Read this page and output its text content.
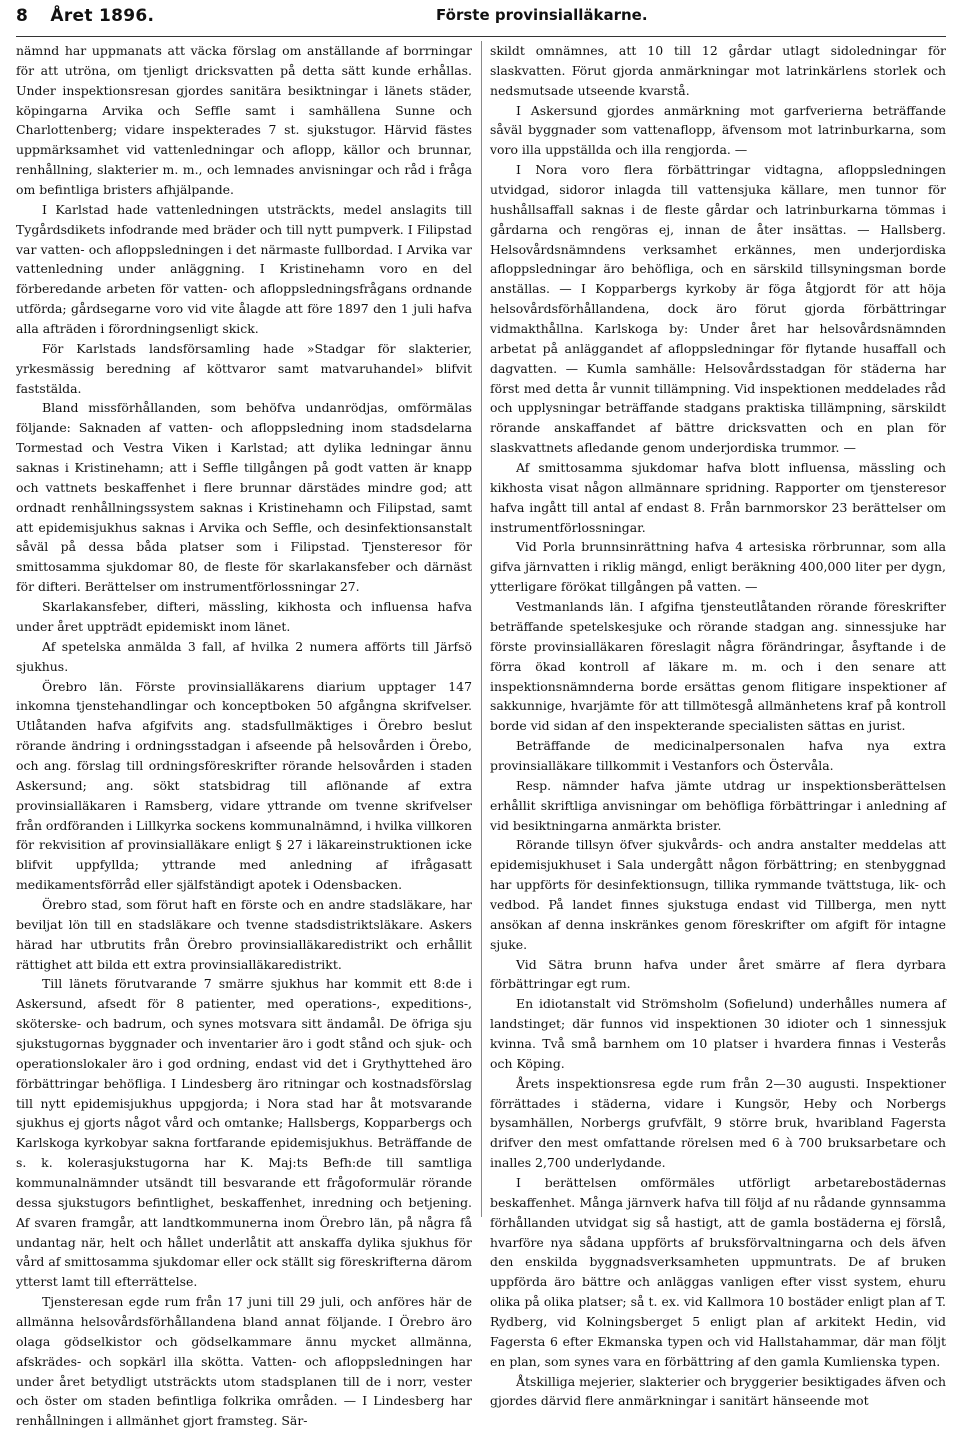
8 Året 1896.	Förste provinsialläkarne.

nämnd har uppmanats att väcka förslag om anställande af borrningar för att utröna, om tjenligt dricksvatten på detta sätt kunde erhållas. Under inspektionsresan gjordes sanitära besiktningar i länets städer, köpingarna Arvika och Seffle samt i samhällena Sunne och Charlottenberg; vidare inspekterades 7 st. sjukstugor. Härvid fästes uppmärksamhet vid vattenledningar och aflopp, källor och brunnar, renhållning, slakterier m. m., och lemnades anvisningar och råd i fråga om befintliga bristers afhjälpande.

I Karlstad hade vattenledningen utsträckts, medel anslagits till Tygårdsdikets infodrande med bräder och till nytt pumpverk. I Filipstad var vatten- och afloppsledningen i det närmaste fullbordad. I Arvika var vattenledning under anläggning. I Kristinehamn voro en del förberedande arbeten för vatten- och afloppsledningsfrågans ordnande utförda; gårdsegarne voro vid vite ålagde att före 1897 den 1 juli hafva alla afträden i förordningsenligt skick.

För Karlstads landsförsamling hade »Stadgar för slakterier, yrkesmässig beredning af köttvaror samt matvaruhandel» blifvit faststälda.

Bland missförhållanden, som behöfva undanrödjas, omförmälas följande: Saknaden af vatten- och afloppsledning inom stadsdelarna Tormestad och Vestra Viken i Karlstad; att dylika ledningar ännu saknas i Kristinehamn; att i Seffle tillgången på godt vatten är knapp och vattnets beskaffenhet i flere brunnar därstädes mindre god; att ordnadt renhållningssystem saknas i Kristinehamn och Filipstad, samt att epidemisjukhus saknas i Arvika och Seffle, och desinfektionsanstalt såväl på dessa båda platser som i Filipstad. Tjensteresor för smittosamma sjukdomar 80, de fleste för skarlakansfeber och därnäst för difteri. Berättelser om instrumentförlossningar 27.

Skarlakansfeber, difteri, mässling, kikhosta och influensa hafva under året uppträdt epidemiskt inom länet.

Af spetelska anmälda 3 fall, af hvilka 2 numera afförts till Järfsö sjukhus.

Örebro län. Förste provinsialläkarens diarium upptager 147 inkomna tjenstehandlingar och konceptboken 50 afgångna skrifvelser. Utlåtanden hafva afgifvits ang. stadsfullmäktiges i Örebro beslut rörande ändring i ordningsstadgan i afseende på helsovården i Örebo, och ang. förslag till ordningsföreskrifter rörande helsovården i staden Askersund; ang. sökt statsbidrag till aflönande af extra provinsialläkaren i Ramsberg, vidare yttrande om tvenne skrifvelser från ordföranden i Lillkyrka sockens kommunalnämnd, i hvilka villkoren för rekvisition af provinsialläkare enligt § 27 i läkareinstruktionen icke blifvit uppfyllda; yttrande med anledning af ifrågasatt medikamentsförråd eller själfständigt apotek i Odensbacken.

Örebro stad, som förut haft en förste och en andre stadsläkare, har beviljat lön till en stadsläkare och tvenne stadsdistriktsläkare. Askers härad har utbrutits från Örebro provinsialläkaredistrikt och erhållit rättighet att bilda ett extra provinsialläkaredistrikt.

Till länets förutvarande 7 smärre sjukhus har kommit ett 8:de i Askersund, afsedt för 8 patienter, med operations-, expeditions-, sköterske- och badrum, och synes motsvara sitt ändamål. De öfriga sju sjukstugornas byggnader och inventarier äro i godt stånd och sjuk- och operationslokaler äro i god ordning, endast vid det i Grythyttehed äro förbättringar behöfliga. I Lindesberg äro ritningar och kostnadsförslag till nytt epidemisjukhus uppgjorda; i Nora stad har åt motsvarande sjukhus ej gjorts något vård och omtanke; Hallsbergs, Kopparbergs och Karlskoga kyrkobyar sakna fortfarande epidemisjukhus. Beträffande de s. k. kolerasjukstugorna har K. Maj:ts Befh:de till samtliga kommunalnämnder utsändt till besvarande ett frågoformulär rörande dessa sjukstugors befintlighet, beskaffenhet, inredning och betjening. Af svaren framgår, att landtkommunerna inom Örebro län, på några få undantag när, helt och hållet underlåtit att anskaffa dylika sjukhus för vård af smittosamma sjukdomar eller ock ställt sig föreskrifterna därom ytterst lamt till efterrättelse.

Tjensteresan egde rum från 17 juni till 29 juli, och anföres här de allmänna helsovårdsförhållandena bland annat följande. I Örebro äro olaga gödselkistor och gödselkammare ännu mycket allmänna, afskrädes- och sopkärl illa skötta. Vatten- och afloppsledningen har under året betydligt utsträckts utom stadsplanen till de i norr, vester och öster om staden befintliga folkrika områden. — I Lindesberg har renhållningen i allmänhet gjort framsteg. Sär-

skildt omnämnes, att 10 till 12 gårdar utlagt sidoledningar för slaskvatten. Förut gjorda anmärkningar mot latrinkärlens storlek och nedsmutsade utseende kvarstå.

I Askersund gjordes anmärkning mot garfverierna beträffande såväl byggnader som vattenaflopp, äfvensom mot latrinburkarna, som voro illa uppställda och illa rengjorda. —

I Nora voro flera förbättringar vidtagna, afloppsledningen utvidgad, sidoror inlagda till vattensjuka källare, men tunnor för hushållsaffall saknas i de fleste gårdar och latrinburkarna tömmas i gårdarna och rengöras ej, innan de åter insättas. — Hallsberg. Helsovårdsnämndens verksamhet erkännes, men underjordiska afloppsledningar äro behöfliga, och en särskild tillsyningsman borde anställas. — I Kopparbergs kyrkoby är föga åtgjordt för att höja helsovårdsförhållandena, dock äro förut gjorda förbättringar vidmakthållna. Karlskoga by: Under året har helsovårdsnämnden arbetat på anläggandet af afloppsledningar för flytande husaffall och dagvatten. — Kumla samhälle: Helsovårdsstadgan för städerna har först med detta år vunnit tillämpning. Vid inspektionen meddelades råd och upplysningar beträffande stadgans praktiska tillämpning, särskildt rörande anskaffandet af bättre dricksvatten och en plan för slaskvattnets afledande genom underjordiska trummor. —

Af smittosamma sjukdomar hafva blott influensa, mässling och kikhosta visat någon allmännare spridning. Rapporter om tjensteresor hafva ingått till antal af endast 8. Från barnmorskor 23 berättelser om instrumentförlossningar.

Vid Porla brunnsinrättning hafva 4 artesiska rörbrunnar, som alla gifva järnvatten i riklig mängd, enligt beräkning 400,000 liter per dygn, ytterligare förökat tillgången på vatten. —

Vestmanlands län. I afgifna tjensteutlåtanden rörande föreskrifter beträffande spetelskesjuke och rörande stadgan ang. sinnessjuke har förste provinsialläkaren föreslagit några förändringar, åsyftande i de förra ökad kontroll af läkare m. m. och i den senare att inspektionsnämnderna borde ersättas genom flitigare inspektioner af sakkunnige, hvarjämte för att tillmötesgå allmänhetens kraf på kontroll borde vid sidan af den inspekterande specialisten sättas en jurist.

Beträffande de medicinalpersonalen hafva nya extra provinsialläkare tillkommit i Vestanfors och Östervåla.

Resp. nämnder hafva jämte utdrag ur inspektionsberättelsen erhållit skriftliga anvisningar om behöfliga förbättringar i anledning af vid besiktningarna anmärkta brister.

Rörande tillsyn öfver sjukvårds- och andra anstalter meddelas att epidemisjukhuset i Sala undergått någon förbättring; en stenbyggnad har uppförts för desinfektionsugn, tillika rymmande tvättstuga, lik- och vedbod. På landet finnes sjukstuga endast vid Tillberga, men nytt ansökan af denna inskränkes genom föreskrifter om afgift för intagne sjuke.

Vid Sätra brunn hafva under året smärre af flera dyrbara förbättringar egt rum.

En idiotanstalt vid Strömsholm (Sofielund) underhålles numera af landstinget; där funnos vid inspektionen 30 idioter och 1 sinnessjuk kvinna. Två små barnhem om 10 platser i hvardera finnas i Vesterås och Köping.

Årets inspektionsresa egde rum från 2—30 augusti. Inspektioner förrättades i städerna, vidare i Kungsör, Heby och Norbergs bysamhällen, Norbergs grufvfält, 9 större bruk, hvaribland Fagersta drifver den mest omfattande rörelsen med 6 à 700 bruksarbetare och inalles 2,700 underlydande.

I berättelsen omförmäles utförligt arbetarebostädernas beskaffenhet. Många järnverk hafva till följd af nu rådande gynnsamma förhållanden utvidgat sig så hastigt, att de gamla bostäderna ej förslå, hvarföre nya sådana uppförts af bruksförvaltningarna och dels äfven den enskilda byggnadsverksamheten uppmuntrats. De af bruken uppförda äro bättre och anläggas vanligen efter visst system, ehuru olika på olika platser; så t. ex. vid Kallmora 10 bostäder enligt plan af T. Rydberg, vid Kolningsberget 5 enligt plan af arkitekt Hedin, vid Fagersta 6 efter Ekmanska typen och vid Hallstahammar, där man följt en plan, som synes vara en förbättring af den gamla Kumlienska typen.

Åtskilliga mejerier, slakterier och bryggerier besiktigades äfven och gjordes därvid flere anmärkningar i sanitärt hänseende mot
